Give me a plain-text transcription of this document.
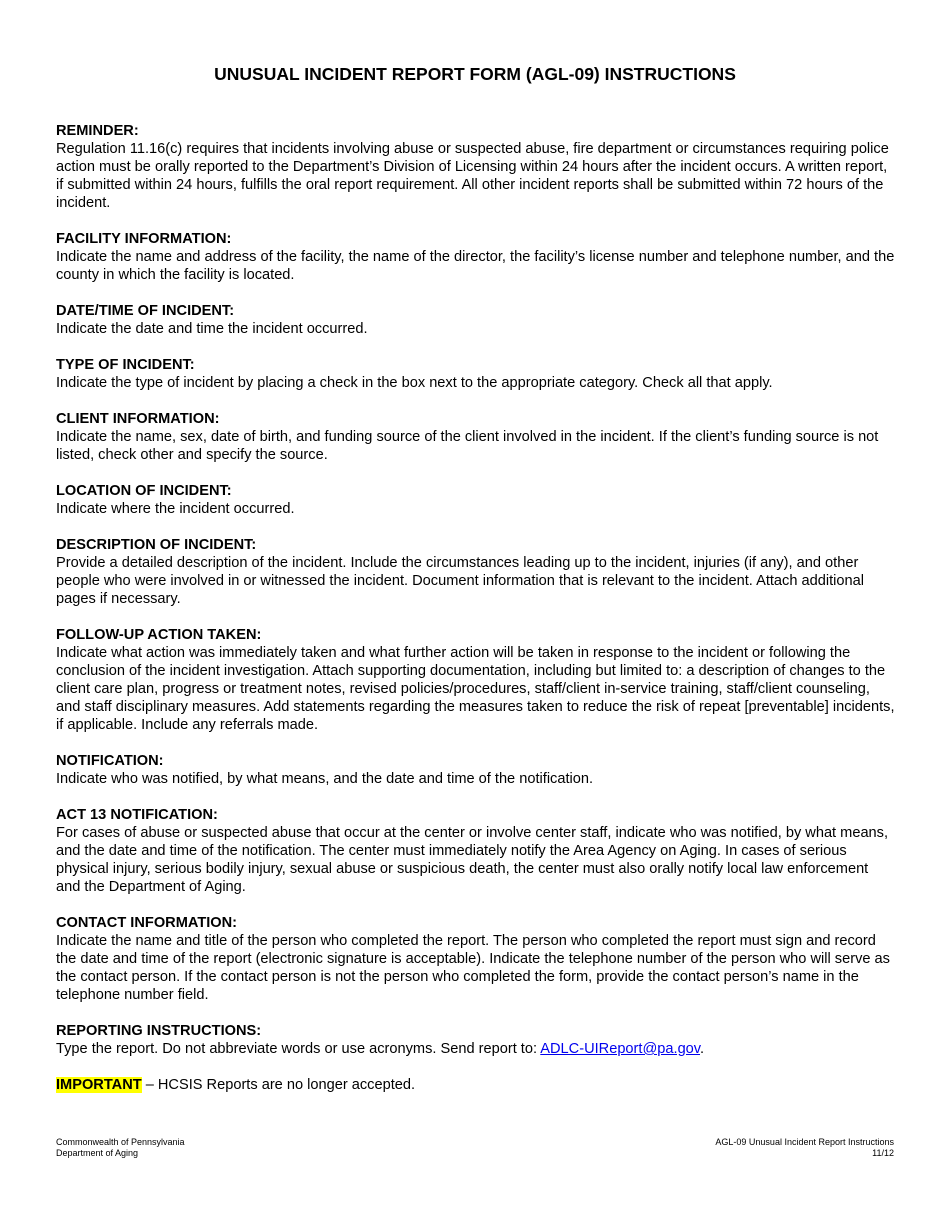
UNUSUAL INCIDENT REPORT FORM (AGL-09) INSTRUCTIONS

REMINDER:

Regulation 11.16(c) requires that incidents involving abuse or suspected abuse, fire department or circumstances requiring police action must be orally reported to the Department’s Division of Licensing within 24 hours after the incident occurs. A written report, if submitted within 24 hours, fulfills the oral report requirement. All other incident reports shall be submitted within 72 hours of the incident.

FACILITY INFORMATION:

Indicate the name and address of the facility, the name of the director, the facility’s license number and telephone number, and the county in which the facility is located.

DATE/TIME OF INCIDENT:

Indicate the date and time the incident occurred.

TYPE OF INCIDENT:

Indicate the type of incident by placing a check in the box next to the appropriate category. Check all that apply.

CLIENT INFORMATION:

Indicate the name, sex, date of birth, and funding source of the client involved in the incident. If the client’s funding source is not listed, check other and specify the source.

LOCATION OF INCIDENT:

Indicate where the incident occurred.

DESCRIPTION OF INCIDENT:

Provide a detailed description of the incident. Include the circumstances leading up to the incident, injuries (if any), and other people who were involved in or witnessed the incident. Document information that is relevant to the incident. Attach additional pages if necessary.

FOLLOW-UP ACTION TAKEN:

Indicate what action was immediately taken and what further action will be taken in response to the incident or following the conclusion of the incident investigation. Attach supporting documentation, including but limited to: a description of changes to the client care plan, progress or treatment notes, revised policies/procedures, staff/client in-service training, staff/client counseling, and staff disciplinary measures. Add statements regarding the measures taken to reduce the risk of repeat [preventable] incidents, if applicable. Include any referrals made.

NOTIFICATION:

Indicate who was notified, by what means, and the date and time of the notification.

ACT 13 NOTIFICATION:

For cases of abuse or suspected abuse that occur at the center or involve center staff, indicate who was notified, by what means, and the date and time of the notification. The center must immediately notify the Area Agency on Aging. In cases of serious physical injury, serious bodily injury, sexual abuse or suspicious death, the center must also orally notify local law enforcement and the Department of Aging.

CONTACT INFORMATION:

Indicate the name and title of the person who completed the report. The person who completed the report must sign and record the date and time of the report (electronic signature is acceptable). Indicate the telephone number of the person who will serve as the contact person. If the contact person is not the person who completed the form, provide the contact person’s name in the telephone number field.

REPORTING INSTRUCTIONS:

Type the report. Do not abbreviate words or use acronyms. Send report to: ADLC-UIReport@pa.gov.

IMPORTANT – HCSIS Reports are no longer accepted.

Commonwealth of Pennsylvania
Department of Aging
AGL-09 Unusual Incident Report Instructions
11/12
